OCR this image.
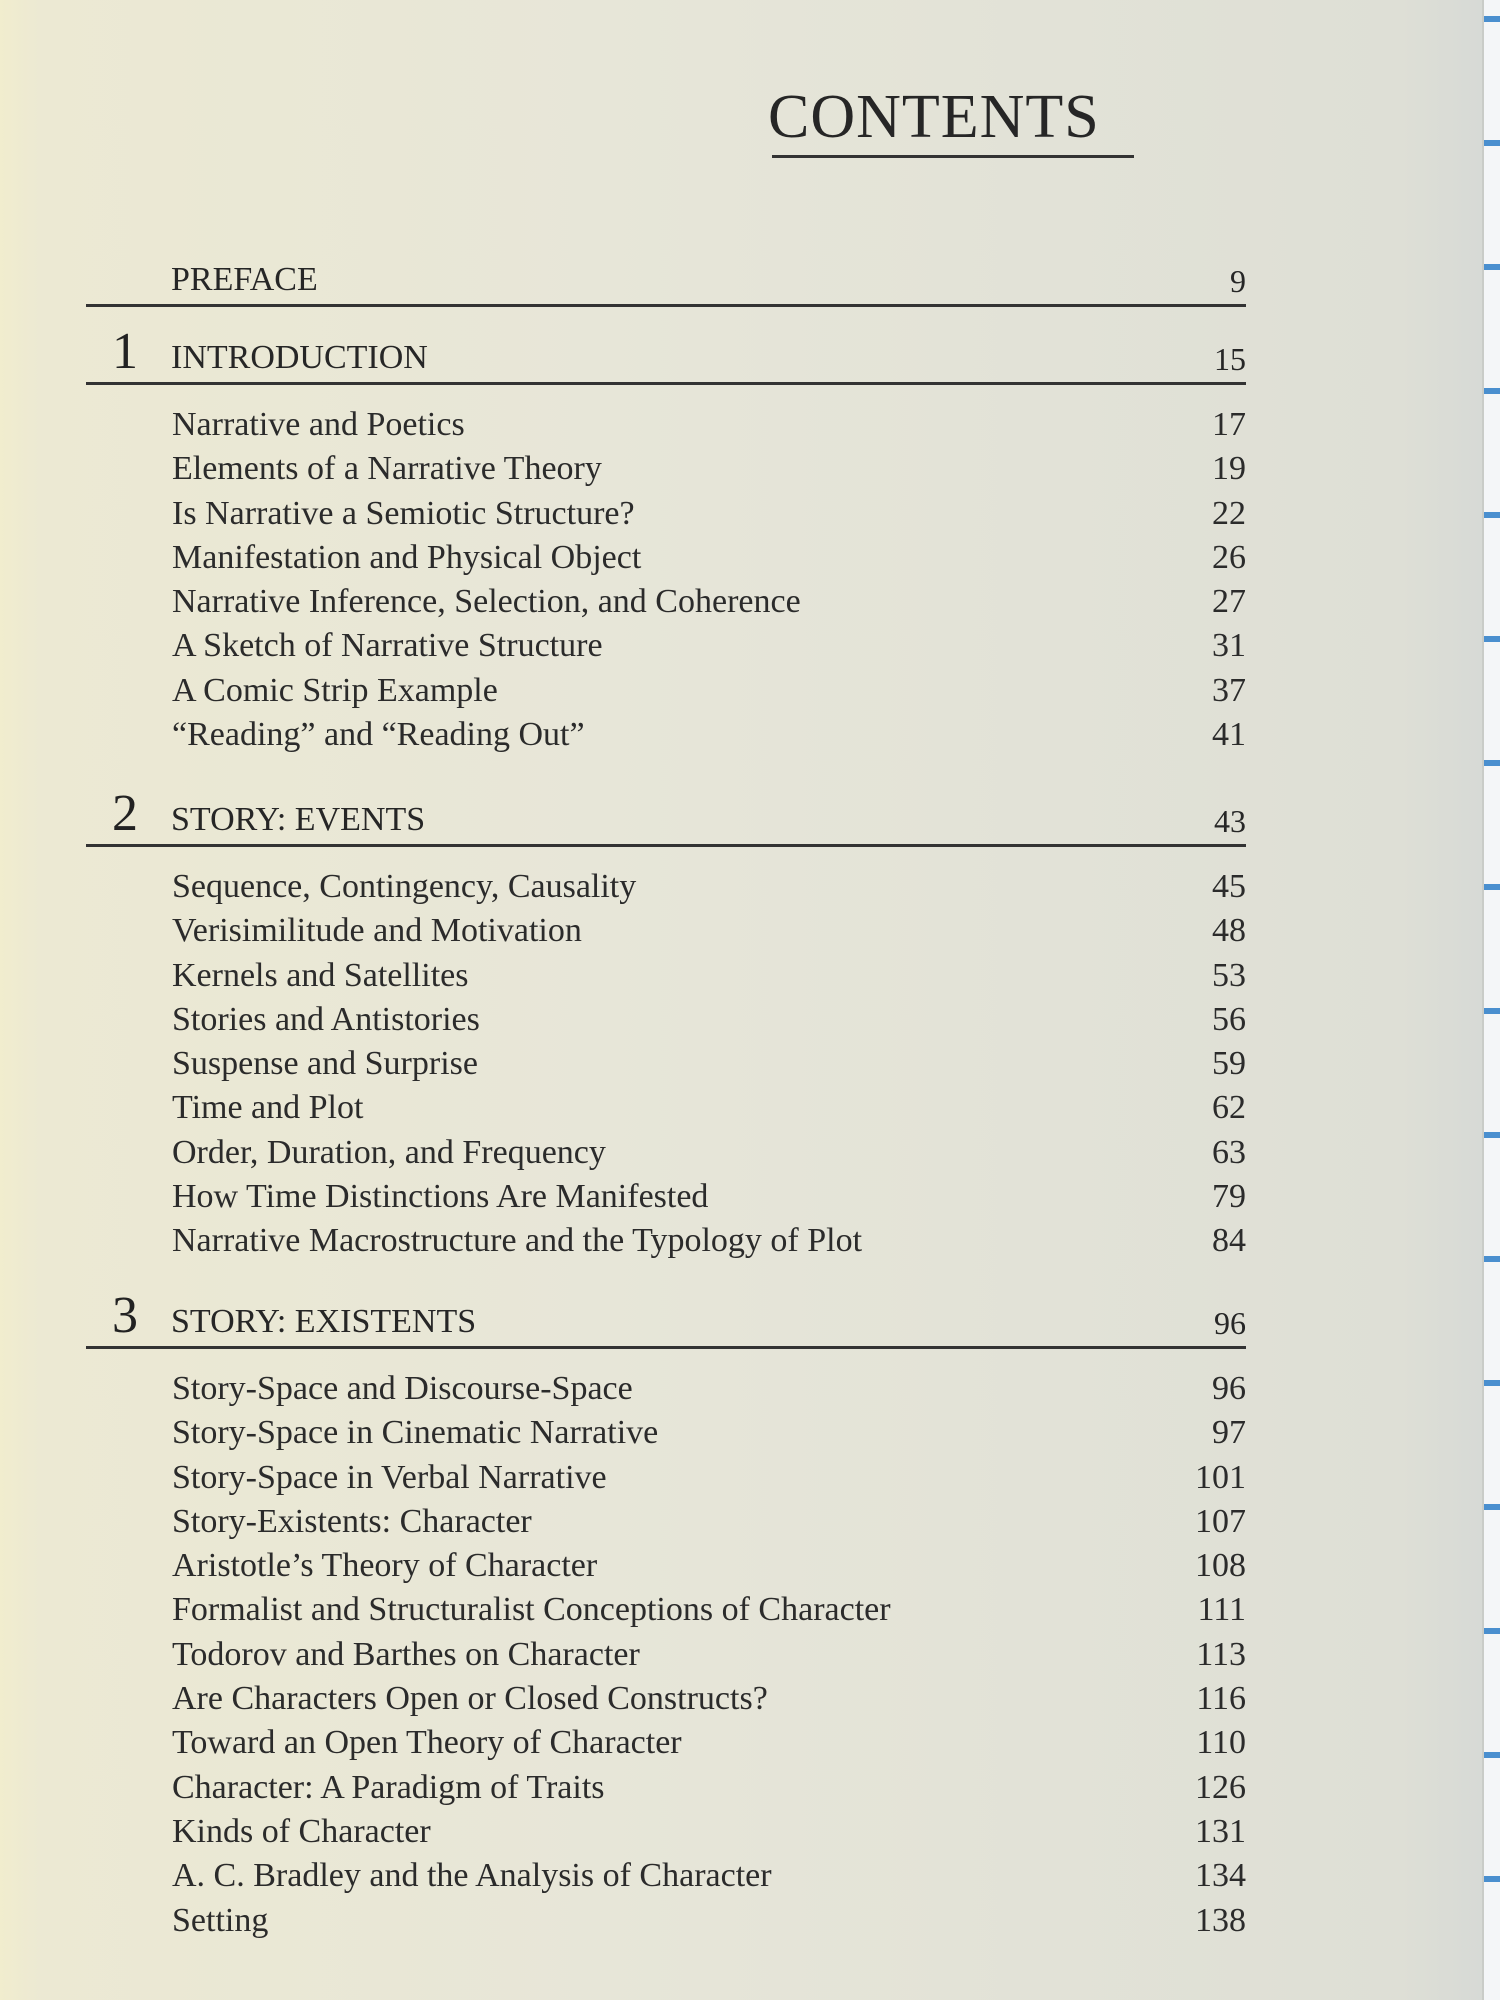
CONTENTS
PREFACE	9
1 INTRODUCTION	15
Narrative and Poetics	17
Elements of a Narrative Theory	19
Is Narrative a Semiotic Structure?	22
Manifestation and Physical Object	26
Narrative Inference, Selection, and Coherence	27
A Sketch of Narrative Structure	31
A Comic Strip Example	37
“Reading” and “Reading Out”	41
2 STORY: EVENTS	43
Sequence, Contingency, Causality	45
Verisimilitude and Motivation	48
Kernels and Satellites	53
Stories and Antistories	56
Suspense and Surprise	59
Time and Plot	62
Order, Duration, and Frequency	63
How Time Distinctions Are Manifested	79
Narrative Macrostructure and the Typology of Plot	84
3 STORY: EXISTENTS	96
Story-Space and Discourse-Space	96
Story-Space in Cinematic Narrative	97
Story-Space in Verbal Narrative	101
Story-Existents: Character	107
Aristotle’s Theory of Character	108
Formalist and Structuralist Conceptions of Character	111
Todorov and Barthes on Character	113
Are Characters Open or Closed Constructs?	116
Toward an Open Theory of Character	110
Character: A Paradigm of Traits	126
Kinds of Character	131
A. C. Bradley and the Analysis of Character	134
Setting	138
